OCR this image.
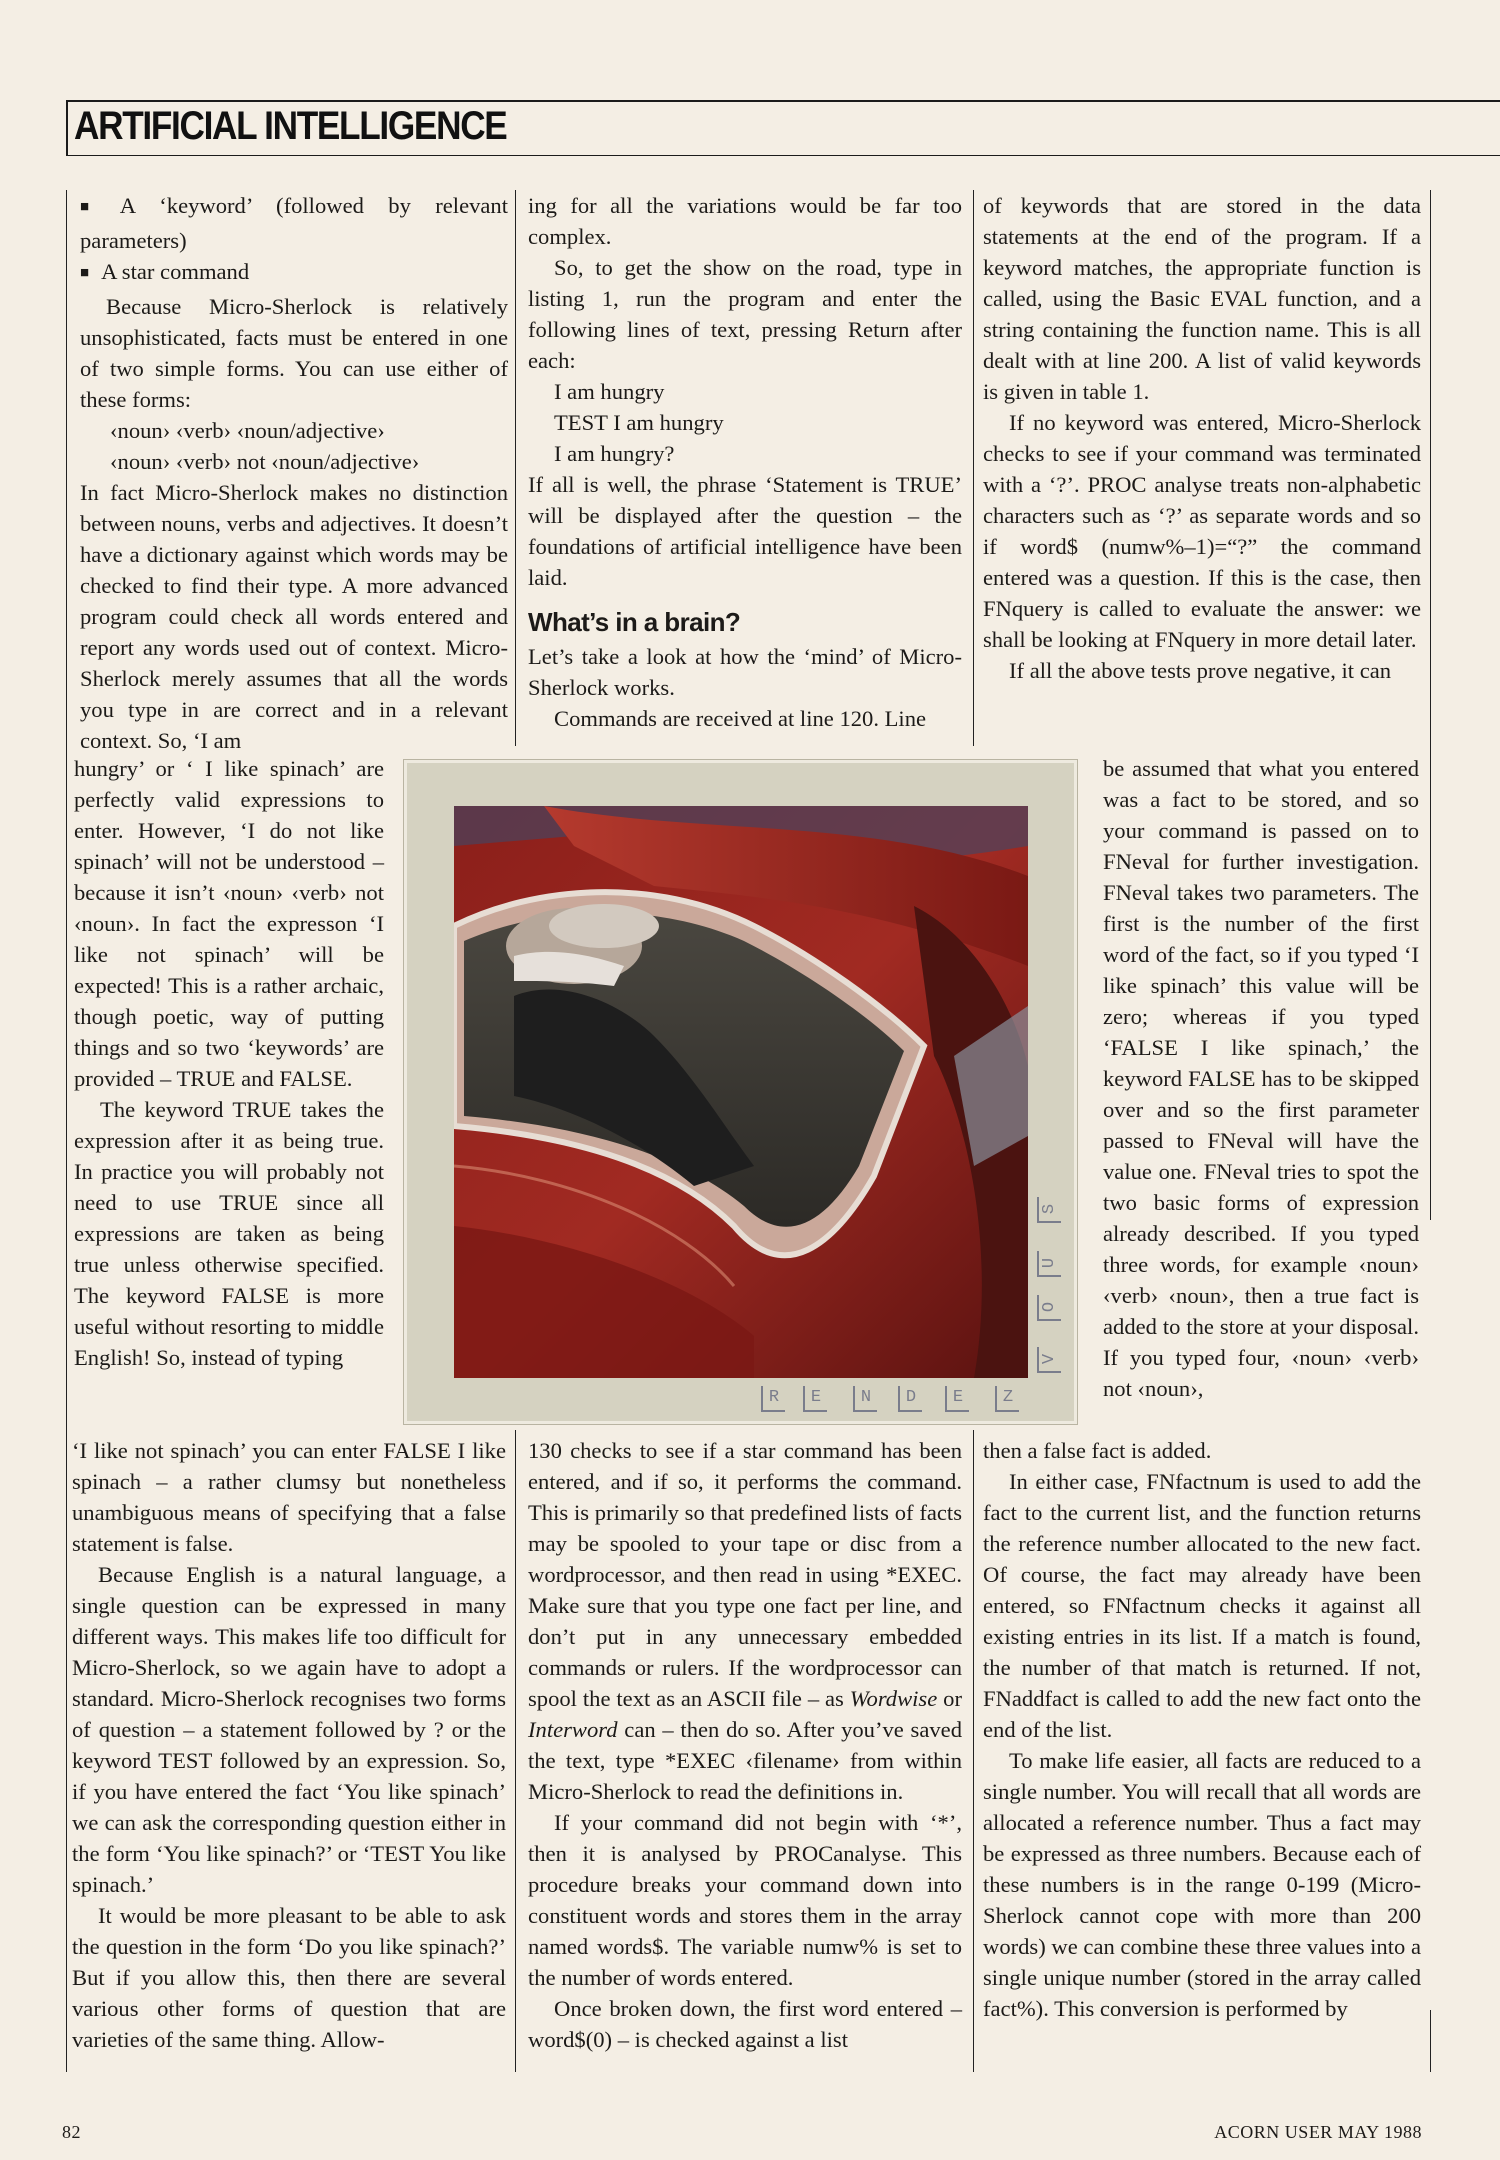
ARTIFICIAL INTELLIGENCE

■ A ‘keyword’ (followed by relevant parameters)

■ A star command

Because Micro-Sherlock is relatively unsophisticated, facts must be entered in one of two simple forms. You can use either of these forms:

‹noun› ‹verb› ‹noun/adjective›

‹noun› ‹verb› not ‹noun/adjective›

In fact Micro-Sherlock makes no distinction between nouns, verbs and adjectives. It doesn’t have a dictionary against which words may be checked to find their type. A more advanced program could check all words entered and report any words used out of context. Micro-Sherlock merely assumes that all the words you type in are correct and in a relevant context. So, ‘I am

hungry’ or ‘ I like spinach’ are perfectly valid expressions to enter. However, ‘I do not like spinach’ will not be understood – because it isn’t ‹noun› ‹verb› not ‹noun›. In fact the expresson ‘I like not spinach’ will be expected! This is a rather archaic, though poetic, way of putting things and so two ‘keywords’ are provided – TRUE and FALSE.

The keyword TRUE takes the expression after it as being true. In practice you will probably not need to use TRUE since all expressions are taken as being true unless otherwise specified. The keyword FALSE is more useful without resorting to middle English! So, instead of typing

‘I like not spinach’ you can enter FALSE I like spinach – a rather clumsy but nonetheless unambiguous means of specifying that a false statement is false.

Because English is a natural language, a single question can be expressed in many different ways. This makes life too difficult for Micro-Sherlock, so we again have to adopt a standard. Micro-Sherlock recognises two forms of question – a statement followed by ? or the keyword TEST followed by an expression. So, if you have entered the fact ‘You like spinach’ we can ask the corresponding question either in the form ‘You like spinach?’ or ‘TEST You like spinach.’

It would be more pleasant to be able to ask the question in the form ‘Do you like spinach?’ But if you allow this, then there are several various other forms of question that are varieties of the same thing. Allow-

ing for all the variations would be far too complex.

So, to get the show on the road, type in listing 1, run the program and enter the following lines of text, pressing Return after each:

I am hungry

TEST I am hungry

I am hungry?

If all is well, the phrase ‘Statement is TRUE’ will be displayed after the question – the foundations of artificial intelligence have been laid.

What’s in a brain?

Let’s take a look at how the ‘mind’ of Micro-Sherlock works.

Commands are received at line 120. Line

130 checks to see if a star command has been entered, and if so, it performs the command. This is primarily so that predefined lists of facts may be spooled to your tape or disc from a wordprocessor, and then read in using *EXEC. Make sure that you type one fact per line, and don’t put in any unnecessary embedded commands or rulers. If the wordprocessor can spool the text as an ASCII file – as Wordwise or Interword can – then do so. After you’ve saved the text, type *EXEC ‹filename› from within Micro-Sherlock to read the definitions in.

If your command did not begin with ‘*’, then it is analysed by PROCanalyse. This procedure breaks your command down into constituent words and stores them in the array named words$. The variable numw% is set to the number of words entered.

Once broken down, the first word entered – word$(0) – is checked against a list

of keywords that are stored in the data statements at the end of the program. If a keyword matches, the appropriate function is called, using the Basic EVAL function, and a string containing the function name. This is all dealt with at line 200. A list of valid keywords is given in table 1.

If no keyword was entered, Micro-Sherlock checks to see if your command was terminated with a ‘?’. PROC analyse treats non-alphabetic characters such as ‘?’ as separate words and so if word$ (numw%–1)=“?” the command entered was a question. If this is the case, then FNquery is called to evaluate the answer: we shall be looking at FNquery in more detail later.

If all the above tests prove negative, it can

be assumed that what you entered was a fact to be stored, and so your command is passed on to FNeval for further investigation. FNeval takes two parameters. The first is the number of the first word of the fact, so if you typed ‘I like spinach’ this value will be zero; whereas if you typed ‘FALSE I like spinach,’ the keyword FALSE has to be skipped over and so the first parameter passed to FNeval will have the value one. FNeval tries to spot the two basic forms of expression already described. If you typed three words, for example ‹noun› ‹verb› ‹noun›, then a true fact is added to the store at your disposal. If you typed four, ‹noun› ‹verb› not ‹noun›,

then a false fact is added.

In either case, FNfactnum is used to add the fact to the current list, and the function returns the reference number allocated to the new fact. Of course, the fact may already have been entered, so FNfactnum checks it against all existing entries in its list. If a match is found, the number of that match is returned. If not, FNaddfact is called to add the new fact onto the end of the list.

To make life easier, all facts are reduced to a single number. You will recall that all words are allocated a reference number. Thus a fact may be expressed as three numbers. Because each of these numbers is in the range 0-199 (Micro-Sherlock cannot cope with more than 200 words) we can combine these three values into a single unique number (stored in the array called fact%). This conversion is performed by

R	E	N	D	E	Z
S
U
O
V
82	ACORN USER MAY 1988
